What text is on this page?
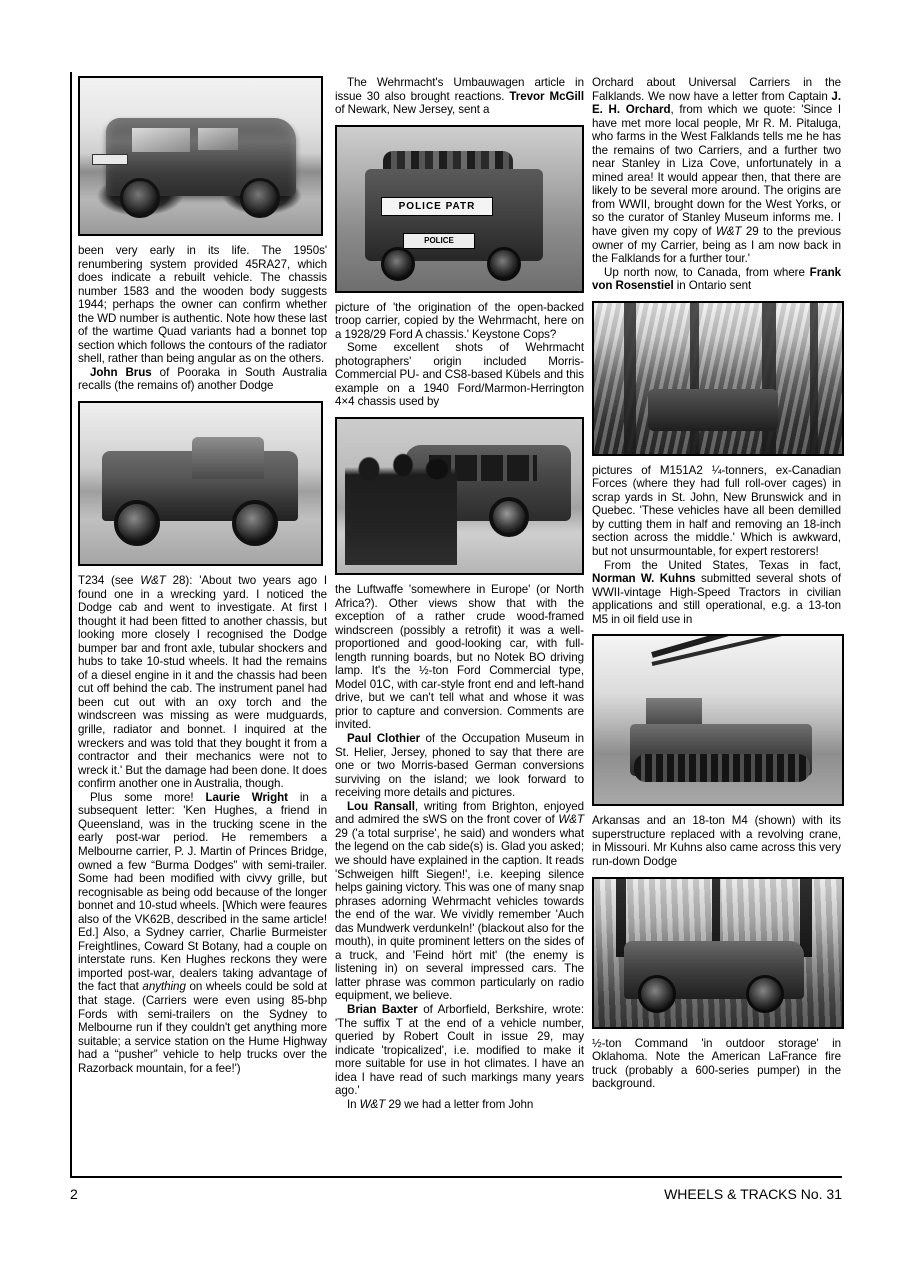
been very early in its life. The 1950s' renumbering system provided 45RA27, which does indicate a rebuilt vehicle. The chassis number 1583 and the wooden body suggests 1944; perhaps the owner can confirm whether the WD number is authentic. Note how these last of the wartime Quad variants had a bonnet top section which follows the contours of the radiator shell, rather than being angular as on the others.

John Brus of Pooraka in South Australia recalls (the remains of) another Dodge

T234 (see W&T 28): 'About two years ago I found one in a wrecking yard. I noticed the Dodge cab and went to investigate. At first I thought it had been fitted to another chassis, but looking more closely I recognised the Dodge bumper bar and front axle, tubular shockers and hubs to take 10-stud wheels. It had the remains of a diesel engine in it and the chassis had been cut off behind the cab. The instrument panel had been cut out with an oxy torch and the windscreen was missing as were mudguards, grille, radiator and bonnet. I inquired at the wreckers and was told that they bought it from a contractor and their mechanics were not to wreck it.' But the damage had been done. It does confirm another one in Australia, though.

Plus some more! Laurie Wright in a subsequent letter: 'Ken Hughes, a friend in Queensland, was in the trucking scene in the early post-war period. He remembers a Melbourne carrier, P. J. Martin of Princes Bridge, owned a few “Burma Dodges” with semi-trailer. Some had been modified with civvy grille, but recognisable as being odd because of the longer bonnet and 10-stud wheels. [Which were feaures also of the VK62B, described in the same article! Ed.] Also, a Sydney carrier, Charlie Burmeister Freightlines, Coward St Botany, had a couple on interstate runs. Ken Hughes reckons they were imported post-war, dealers taking advantage of the fact that anything on wheels could be sold at that stage. (Carriers were even using 85-bhp Fords with semi-trailers on the Sydney to Melbourne run if they couldn't get anything more suitable; a service station on the Hume Highway had a “pusher” vehicle to help trucks over the Razorback mountain, for a fee!')

The Wehrmacht's Umbauwagen article in issue 30 also brought reactions. Trevor McGill of Newark, New Jersey, sent a

POLICE PATR
POLICE

picture of 'the origination of the open-backed troop carrier, copied by the Wehrmacht, here on a 1928/29 Ford A chassis.' Keystone Cops?

Some excellent shots of Wehrmacht photographers' origin included Morris-Commercial PU- and CS8-based Kübels and this example on a 1940 Ford/Marmon-Herrington 4×4 chassis used by

the Luftwaffe 'somewhere in Europe' (or North Africa?). Other views show that with the exception of a rather crude wood-framed windscreen (possibly a retrofit) it was a well-proportioned and good-looking car, with full-length running boards, but no Notek BO driving lamp. It's the ½-ton Ford Commercial type, Model 01C, with car-style front end and left-hand drive, but we can't tell what and whose it was prior to capture and conversion. Comments are invited.

Paul Clothier of the Occupation Museum in St. Helier, Jersey, phoned to say that there are one or two Morris-based German conversions surviving on the island; we look forward to receiving more details and pictures.

Lou Ransall, writing from Brighton, enjoyed and admired the sWS on the front cover of W&T 29 ('a total surprise', he said) and wonders what the legend on the cab side(s) is. Glad you asked; we should have explained in the caption. It reads 'Schweigen hilft Siegen!', i.e. keeping silence helps gaining victory. This was one of many snap phrases adorning Wehrmacht vehicles towards the end of the war. We vividly remember 'Auch das Mundwerk verdunkeln!' (blackout also for the mouth), in quite prominent letters on the sides of a truck, and 'Feind hört mit' (the enemy is listening in) on several impressed cars. The latter phrase was common particularly on radio equipment, we believe.

Brian Baxter of Arborfield, Berkshire, wrote: 'The suffix T at the end of a vehicle number, queried by Robert Coult in issue 29, may indicate 'tropicalized', i.e. modified to make it more suitable for use in hot climates. I have an idea I have read of such markings many years ago.'

In W&T 29 we had a letter from John

Orchard about Universal Carriers in the Falklands. We now have a letter from Captain J. E. H. Orchard, from which we quote: 'Since I have met more local people, Mr R. M. Pitaluga, who farms in the West Falklands tells me he has the remains of two Carriers, and a further two near Stanley in Liza Cove, unfortunately in a mined area! It would appear then, that there are likely to be several more around. The origins are from WWII, brought down for the West Yorks, or so the curator of Stanley Museum informs me. I have given my copy of W&T 29 to the previous owner of my Carrier, being as I am now back in the Falklands for a further tour.'

Up north now, to Canada, from where Frank von Rosenstiel in Ontario sent

pictures of M151A2 ¼-tonners, ex-Canadian Forces (where they had full roll-over cages) in scrap yards in St. John, New Brunswick and in Quebec. 'These vehicles have all been demilled by cutting them in half and removing an 18-inch section across the middle.' Which is awkward, but not unsurmountable, for expert restorers!

From the United States, Texas in fact, Norman W. Kuhns submitted several shots of WWII-vintage High-Speed Tractors in civilian applications and still operational, e.g. a 13-ton M5 in oil field use in

Arkansas and an 18-ton M4 (shown) with its superstructure replaced with a revolving crane, in Missouri. Mr Kuhns also came across this very run-down Dodge

½-ton Command 'in outdoor storage' in Oklahoma. Note the American LaFrance fire truck (probably a 600-series pumper) in the background.

2	WHEELS & TRACKS No. 31
